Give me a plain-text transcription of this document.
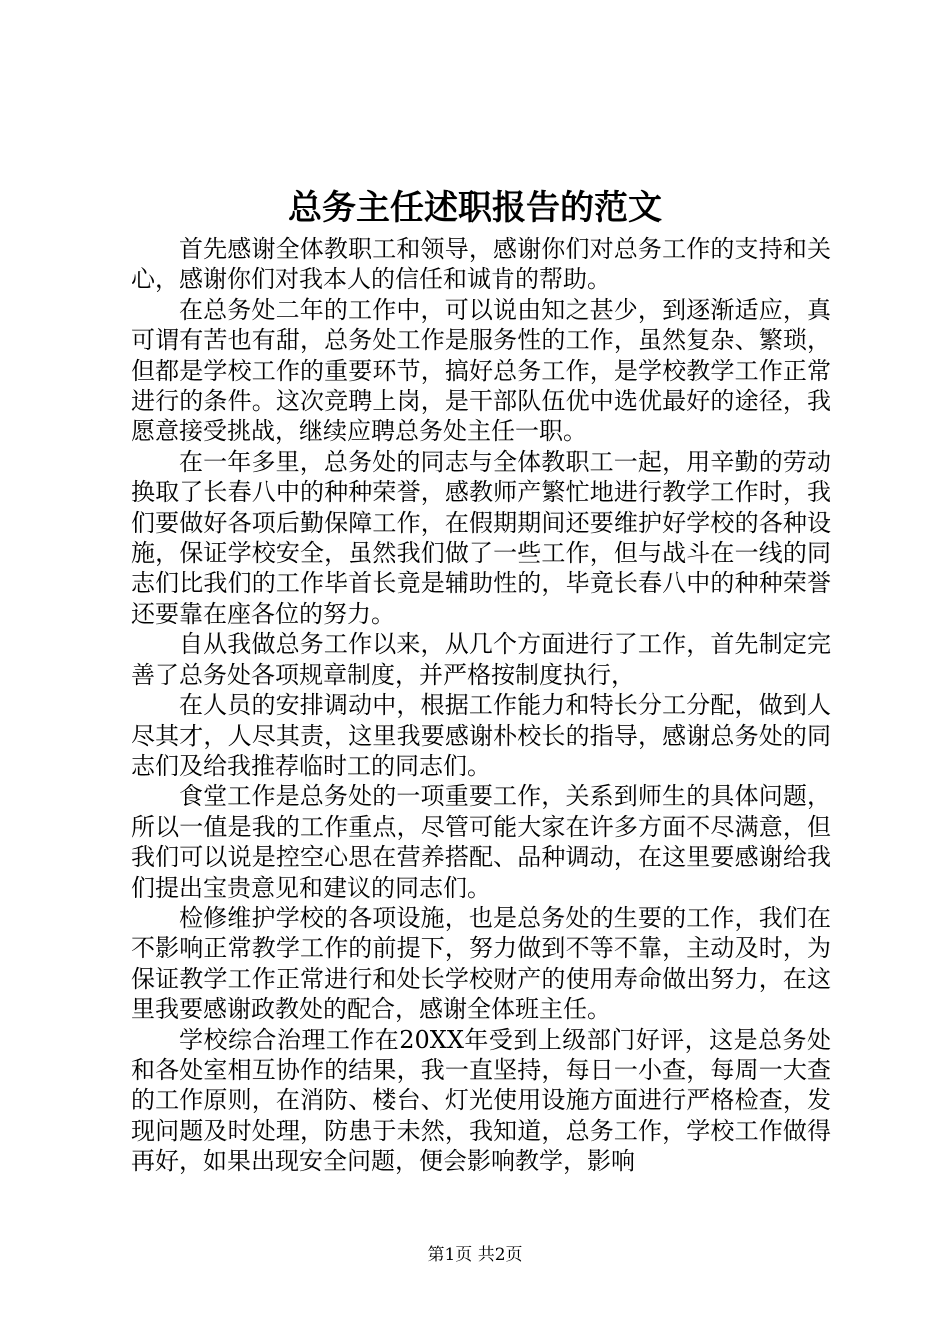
总务主任述职报告的范文

首先感谢全体教职工和领导，感谢你们对总务工作的支持和关心，感谢你们对我本人的信任和诚肯的帮助。

在总务处二年的工作中，可以说由知之甚少，到逐渐适应，真可谓有苦也有甜，总务处工作是服务性的工作，虽然复杂、繁琐，但都是学校工作的重要环节，搞好总务工作，是学校教学工作正常进行的条件。这次竞聘上岗，是干部队伍优中选优最好的途径，我愿意接受挑战，继续应聘总务处主任一职。

在一年多里，总务处的同志与全体教职工一起，用辛勤的劳动换取了长春八中的种种荣誉，感教师产繁忙地进行教学工作时，我们要做好各项后勤保障工作，在假期期间还要维护好学校的各种设施，保证学校安全，虽然我们做了一些工作，但与战斗在一线的同志们比我们的工作毕首长竟是辅助性的，毕竟长春八中的种种荣誉还要靠在座各位的努力。

自从我做总务工作以来，从几个方面进行了工作，首先制定完善了总务处各项规章制度，并严格按制度执行，

在人员的安排调动中，根据工作能力和特长分工分配，做到人尽其才，人尽其责，这里我要感谢朴校长的指导，感谢总务处的同志们及给我推荐临时工的同志们。

食堂工作是总务处的一项重要工作，关系到师生的具体问题，所以一值是我的工作重点，尽管可能大家在许多方面不尽满意，但我们可以说是控空心思在营养搭配、品种调动，在这里要感谢给我们提出宝贵意见和建议的同志们。

检修维护学校的各项设施，也是总务处的生要的工作，我们在不影响正常教学工作的前提下，努力做到不等不靠，主动及时，为保证教学工作正常进行和处长学校财产的使用寿命做出努力，在这里我要感谢政教处的配合，感谢全体班主任。

学校综合治理工作在20XX年受到上级部门好评，这是总务处和各处室相互协作的结果，我一直坚持，每日一小查，每周一大查的工作原则，在消防、楼台、灯光使用设施方面进行严格检查，发现问题及时处理，防患于未然，我知道，总务工作，学校工作做得再好，如果出现安全问题，便会影响教学，影响

第1页 共2页
